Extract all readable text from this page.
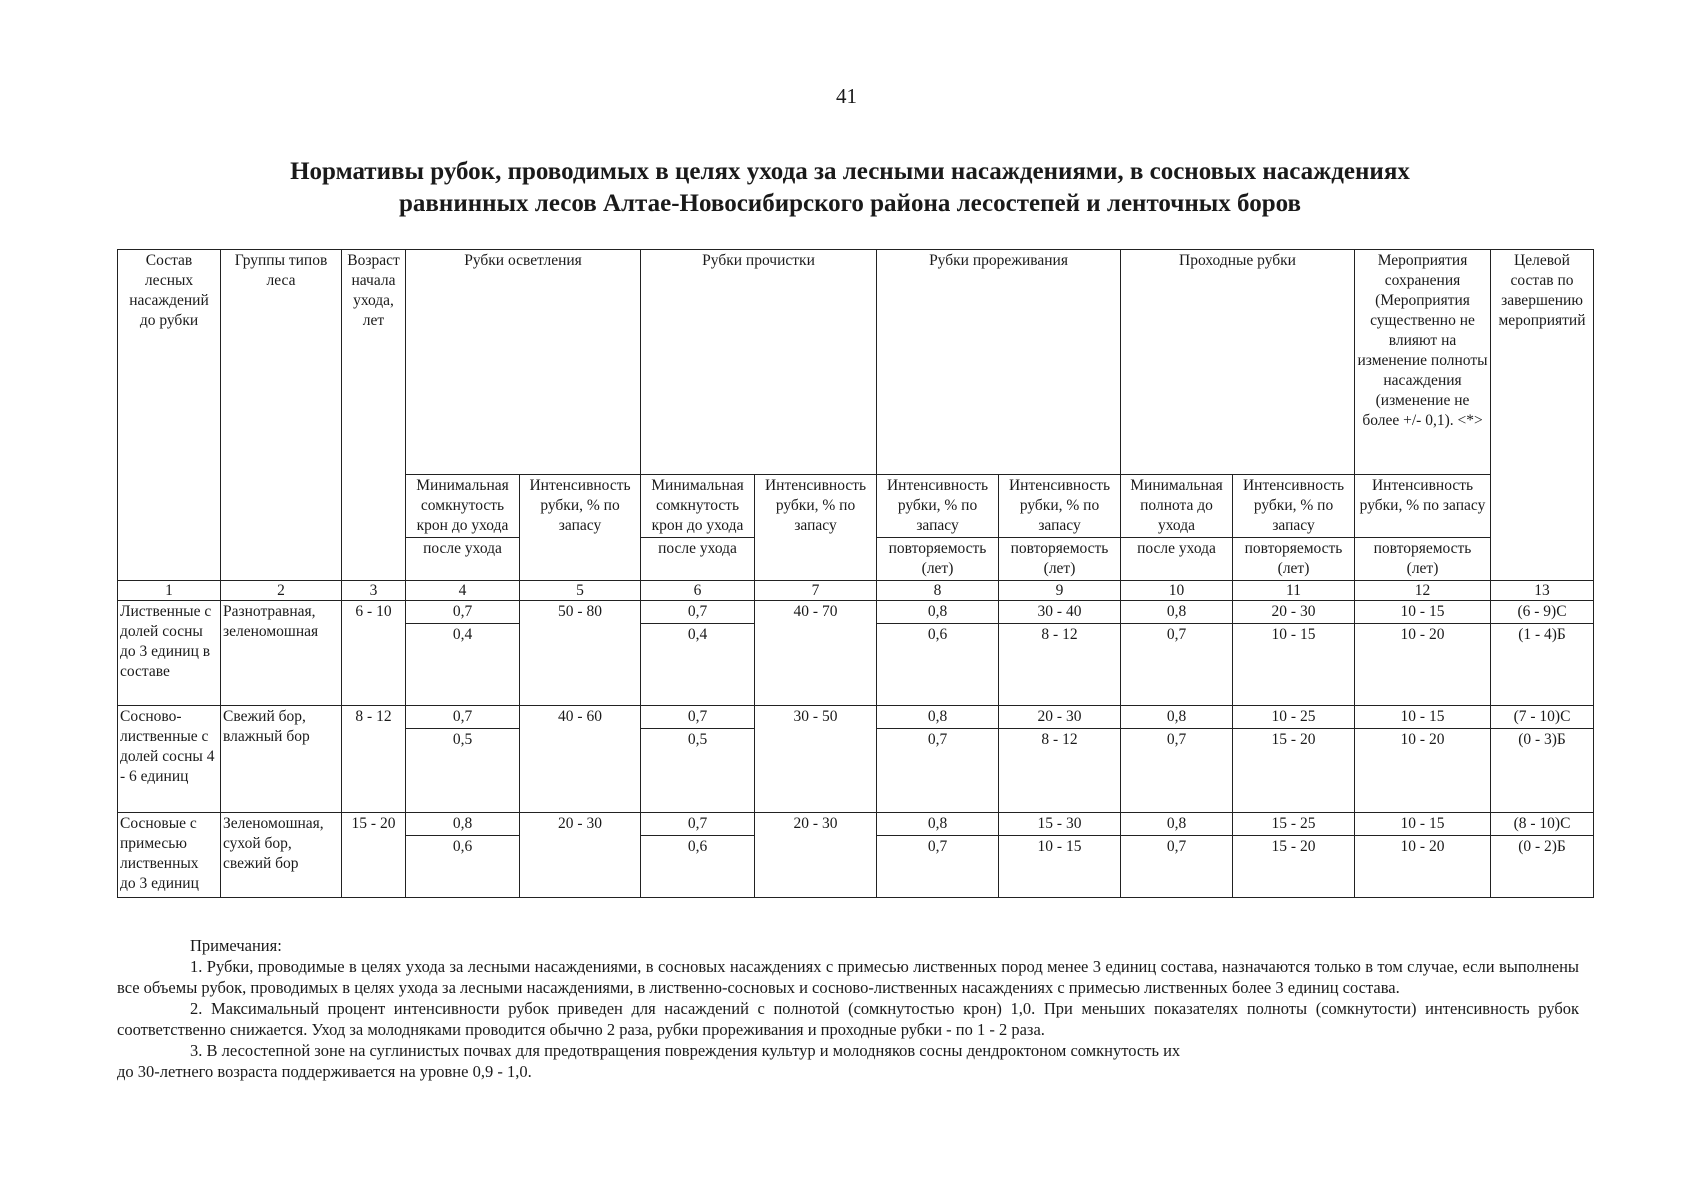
41
Нормативы рубок, проводимых в целях ухода за лесными насаждениями, в сосновых насаждениях
равнинных лесов Алтае-Новосибирского района лесостепей и ленточных боров
Состав лесных насаждений до рубки	Группы типов леса	Возраст начала ухода, лет	Рубки осветления		Рубки прочистки		Рубки прореживания		Проходные рубки		Мероприятия сохранения (Мероприятия существенно не влияют на изменение полноты насаждения (изменение не более +/- 0,1). <*>	Целевой состав по завершению мероприятий
			Минимальная сомкнутость крон до ухода	Интенсивность рубки, % по запасу	Минимальная сомкнутость крон до ухода	Интенсивность рубки, % по запасу	Интенсивность рубки, % по запасу	Интенсивность рубки, % по запасу	Минимальная полнота до ухода	Интенсивность рубки, % по запасу	Интенсивность рубки, % по запасу	
			после ухода		после ухода		повторяемость (лет)	повторяемость (лет)	после ухода	повторяемость (лет)	повторяемость (лет)	
1	2	3	4	5	6	7	8	9	10	11	12	13
Лиственные с долей сосны до 3 единиц в составе	Разнотравная, зеленомошная	6 - 10	0,7	50 - 80	0,7	40 - 70	0,8	30 - 40	0,8	20 - 30	10 - 15	(6 - 9)С
			0,4		0,4		0,6	8 - 12	0,7	10 - 15	10 - 20	(1 - 4)Б
Сосново-лиственные с долей сосны 4 - 6 единиц	Свежий бор, влажный бор	8 - 12	0,7	40 - 60	0,7	30 - 50	0,8	20 - 30	0,8	10 - 25	10 - 15	(7 - 10)С
			0,5		0,5		0,7	8 - 12	0,7	15 - 20	10 - 20	(0 - 3)Б
Сосновые с примесью лиственных до 3 единиц	Зеленомошная, сухой бор, свежий бор	15 - 20	0,8	20 - 30	0,7	20 - 30	0,8	15 - 30	0,8	15 - 25	10 - 15	(8 - 10)С
			0,6		0,6		0,7	10 - 15	0,7	15 - 20	10 - 20	(0 - 2)Б

Примечания:

1. Рубки, проводимые в целях ухода за лесными насаждениями, в сосновых насаждениях с примесью лиственных пород менее 3 единиц состава, назначаются только в том случае, если выполнены все объемы рубок, проводимых в целях ухода за лесными насаждениями, в лиственно-сосновых и сосново-лиственных насаждениях с примесью лиственных более 3 единиц состава.

2. Максимальный процент интенсивности рубок приведен для насаждений с полнотой (сомкнутостью крон) 1,0. При меньших показателях полноты (сомкнутости) интенсивность рубок соответственно снижается. Уход за молодняками проводится обычно 2 раза, рубки прореживания и проходные рубки - по 1 - 2 раза.

3. В лесостепной зоне на суглинистых почвах для предотвращения повреждения культур и молодняков сосны дендроктоном сомкнутость их

до 30-летнего возраста поддерживается на уровне 0,9 - 1,0.
